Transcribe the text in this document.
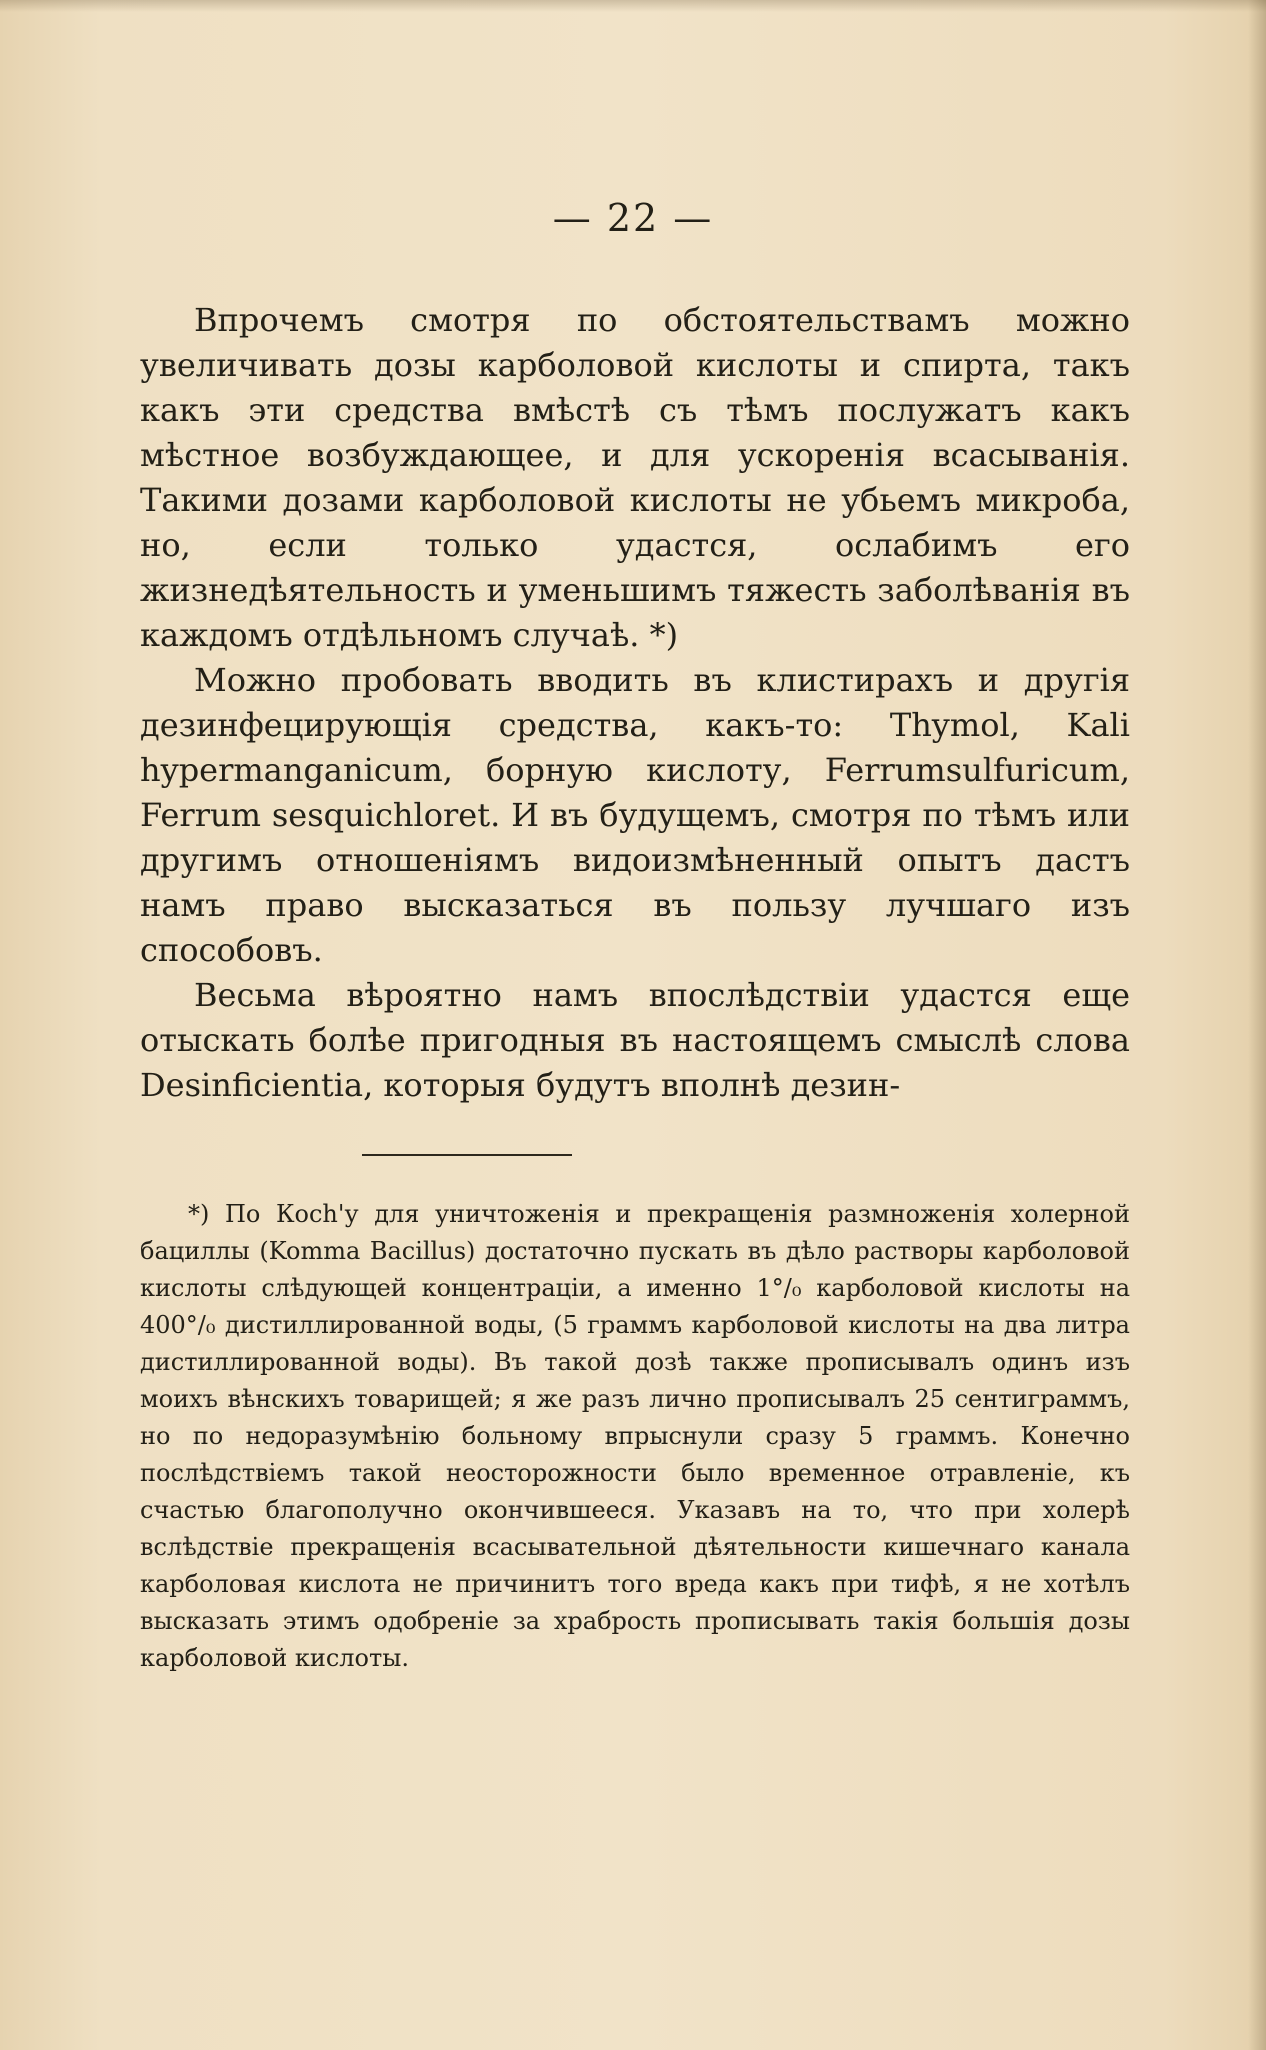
— 22 —

Впрочемъ смотря по обстоятельствамъ можно увеличивать дозы карболовой кислоты и спирта, такъ какъ эти средства вмѣстѣ съ тѣмъ послужатъ какъ мѣстное возбуждающее, и для ускоренія всасыванія. Такими дозами карболовой кислоты не убьемъ микроба, но, если только удастся, ослабимъ его жизнедѣятельность и уменьшимъ тяжесть заболѣванія въ каждомъ отдѣльномъ случаѣ. *)

Можно пробовать вводить въ клистирахъ и другія дезинфецирующія средства, какъ-то: Thymol, Kali hypermanganicum, борную кислоту, Ferrumsulfuricum, Ferrum sesquichloret. И въ будущемъ, смотря по тѣмъ или другимъ отношеніямъ видоизмѣненный опытъ дастъ намъ право высказаться въ пользу лучшаго изъ способовъ.

Весьма вѣроятно намъ впослѣдствіи удастся еще отыскать болѣе пригодныя въ настоящемъ смыслѣ слова Desinficientia, которыя будутъ вполнѣ дезин-

*) По Коch'у для уничтоженія и прекращенія размноженія холерной бациллы (Komma Bacillus) достаточно пускать въ дѣло растворы карболовой кислоты слѣдующей концентраціи, а именно 1°/₀ карболовой кислоты на 400°/₀ дистиллированной воды, (5 граммъ карболовой кислоты на два литра дистиллированной воды). Въ такой дозѣ также прописывалъ одинъ изъ моихъ вѣнскихъ товарищей; я же разъ лично прописывалъ 25 сентиграммъ, но по недоразумѣнію больному впрыснули сразу 5 граммъ. Конечно послѣдствіемъ такой неосторожности было временное отравленіе, къ счастью благополучно окончившееся. Указавъ на то, что при холерѣ вслѣдствіе прекращенія всасывательной дѣятельности кишечнаго канала карболовая кислота не причинитъ того вреда какъ при тифѣ, я не хотѣлъ высказать этимъ одобреніе за храбрость прописывать такія большія дозы карболовой кислоты.
